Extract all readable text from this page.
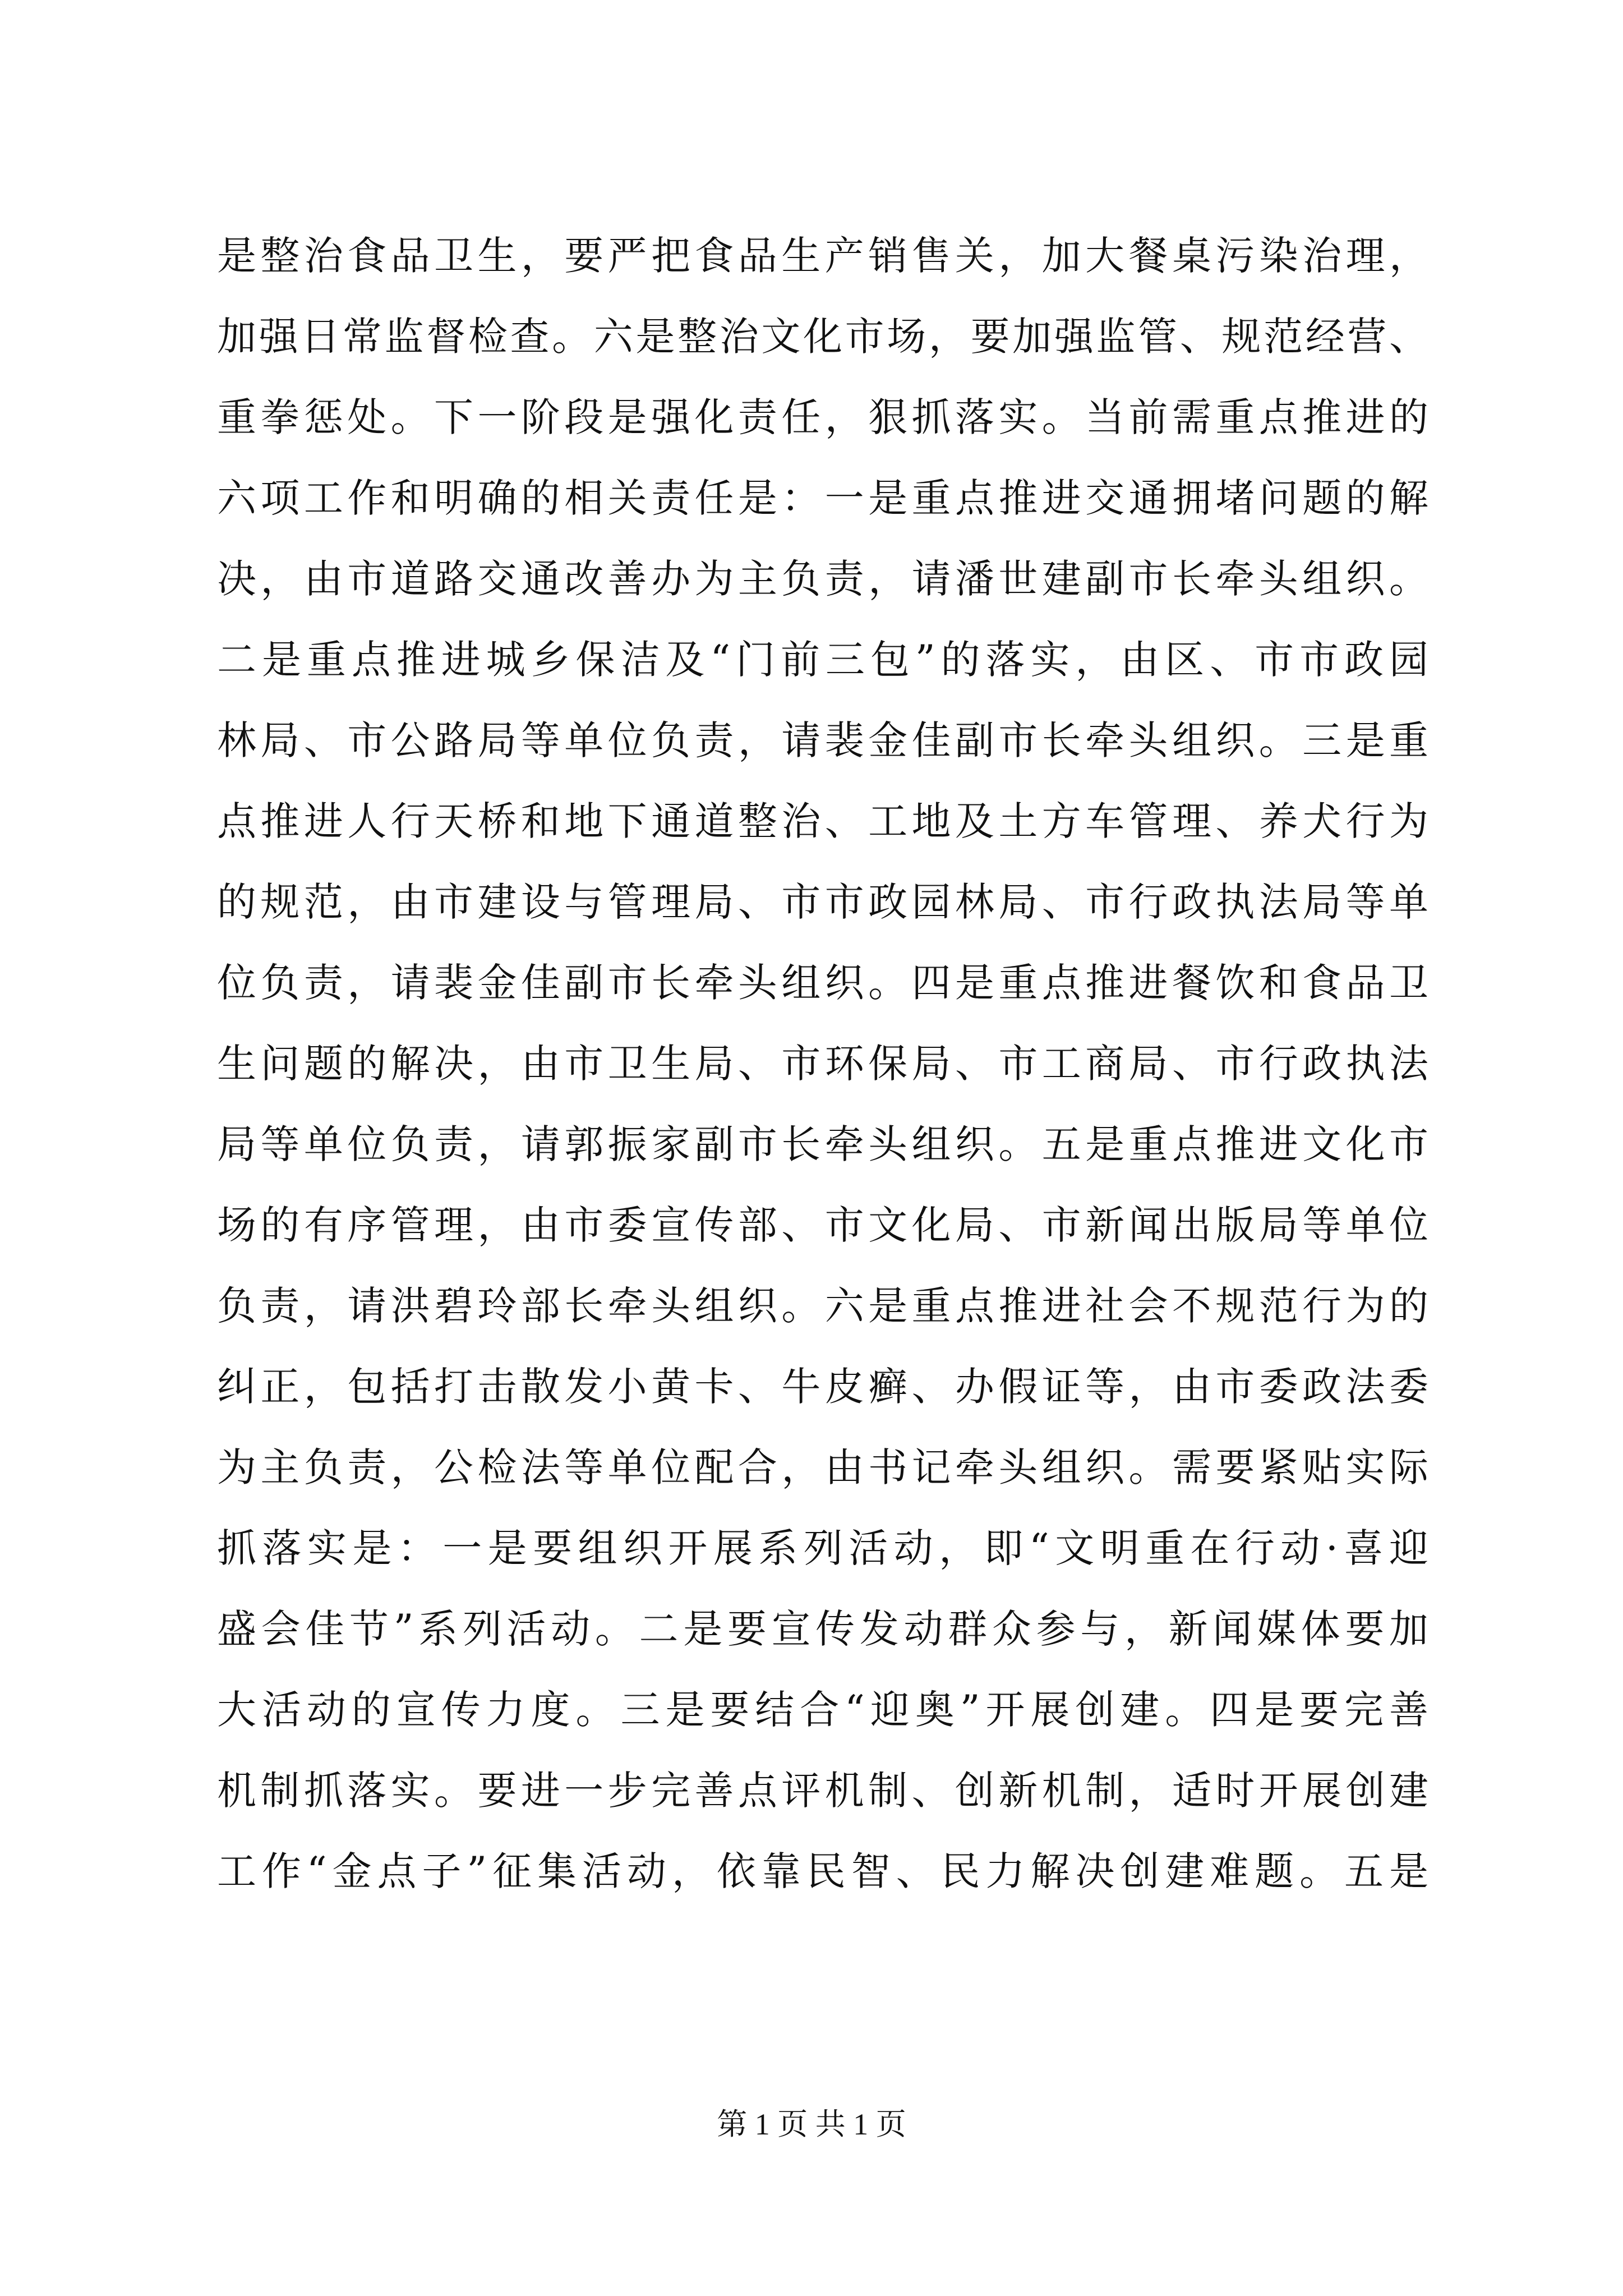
是整治食品卫生，要严把食品生产销售关，加大餐桌污染治理，
加强日常监督检查。六是整治文化市场，要加强监管、规范经营、
重拳惩处。下一阶段是强化责任，狠抓落实。当前需重点推进的
六项工作和明确的相关责任是：一是重点推进交通拥堵问题的解
决，由市道路交通改善办为主负责，请潘世建副市长牵头组织。
二是重点推进城乡保洁及“门前三包”的落实，由区、市市政园
林局、市公路局等单位负责，请裴金佳副市长牵头组织。三是重
点推进人行天桥和地下通道整治、工地及土方车管理、养犬行为
的规范，由市建设与管理局、市市政园林局、市行政执法局等单
位负责，请裴金佳副市长牵头组织。四是重点推进餐饮和食品卫
生问题的解决，由市卫生局、市环保局、市工商局、市行政执法
局等单位负责，请郭振家副市长牵头组织。五是重点推进文化市
场的有序管理，由市委宣传部、市文化局、市新闻出版局等单位
负责，请洪碧玲部长牵头组织。六是重点推进社会不规范行为的
纠正，包括打击散发小黄卡、牛皮癣、办假证等，由市委政法委
为主负责，公检法等单位配合，由书记牵头组织。需要紧贴实际
抓落实是：一是要组织开展系列活动，即“文明重在行动·喜迎
盛会佳节”系列活动。二是要宣传发动群众参与，新闻媒体要加
大活动的宣传力度。三是要结合“迎奥”开展创建。四是要完善
机制抓落实。要进一步完善点评机制、创新机制，适时开展创建
工作“金点子”征集活动，依靠民智、民力解决创建难题。五是
第 1 页 共 1 页
